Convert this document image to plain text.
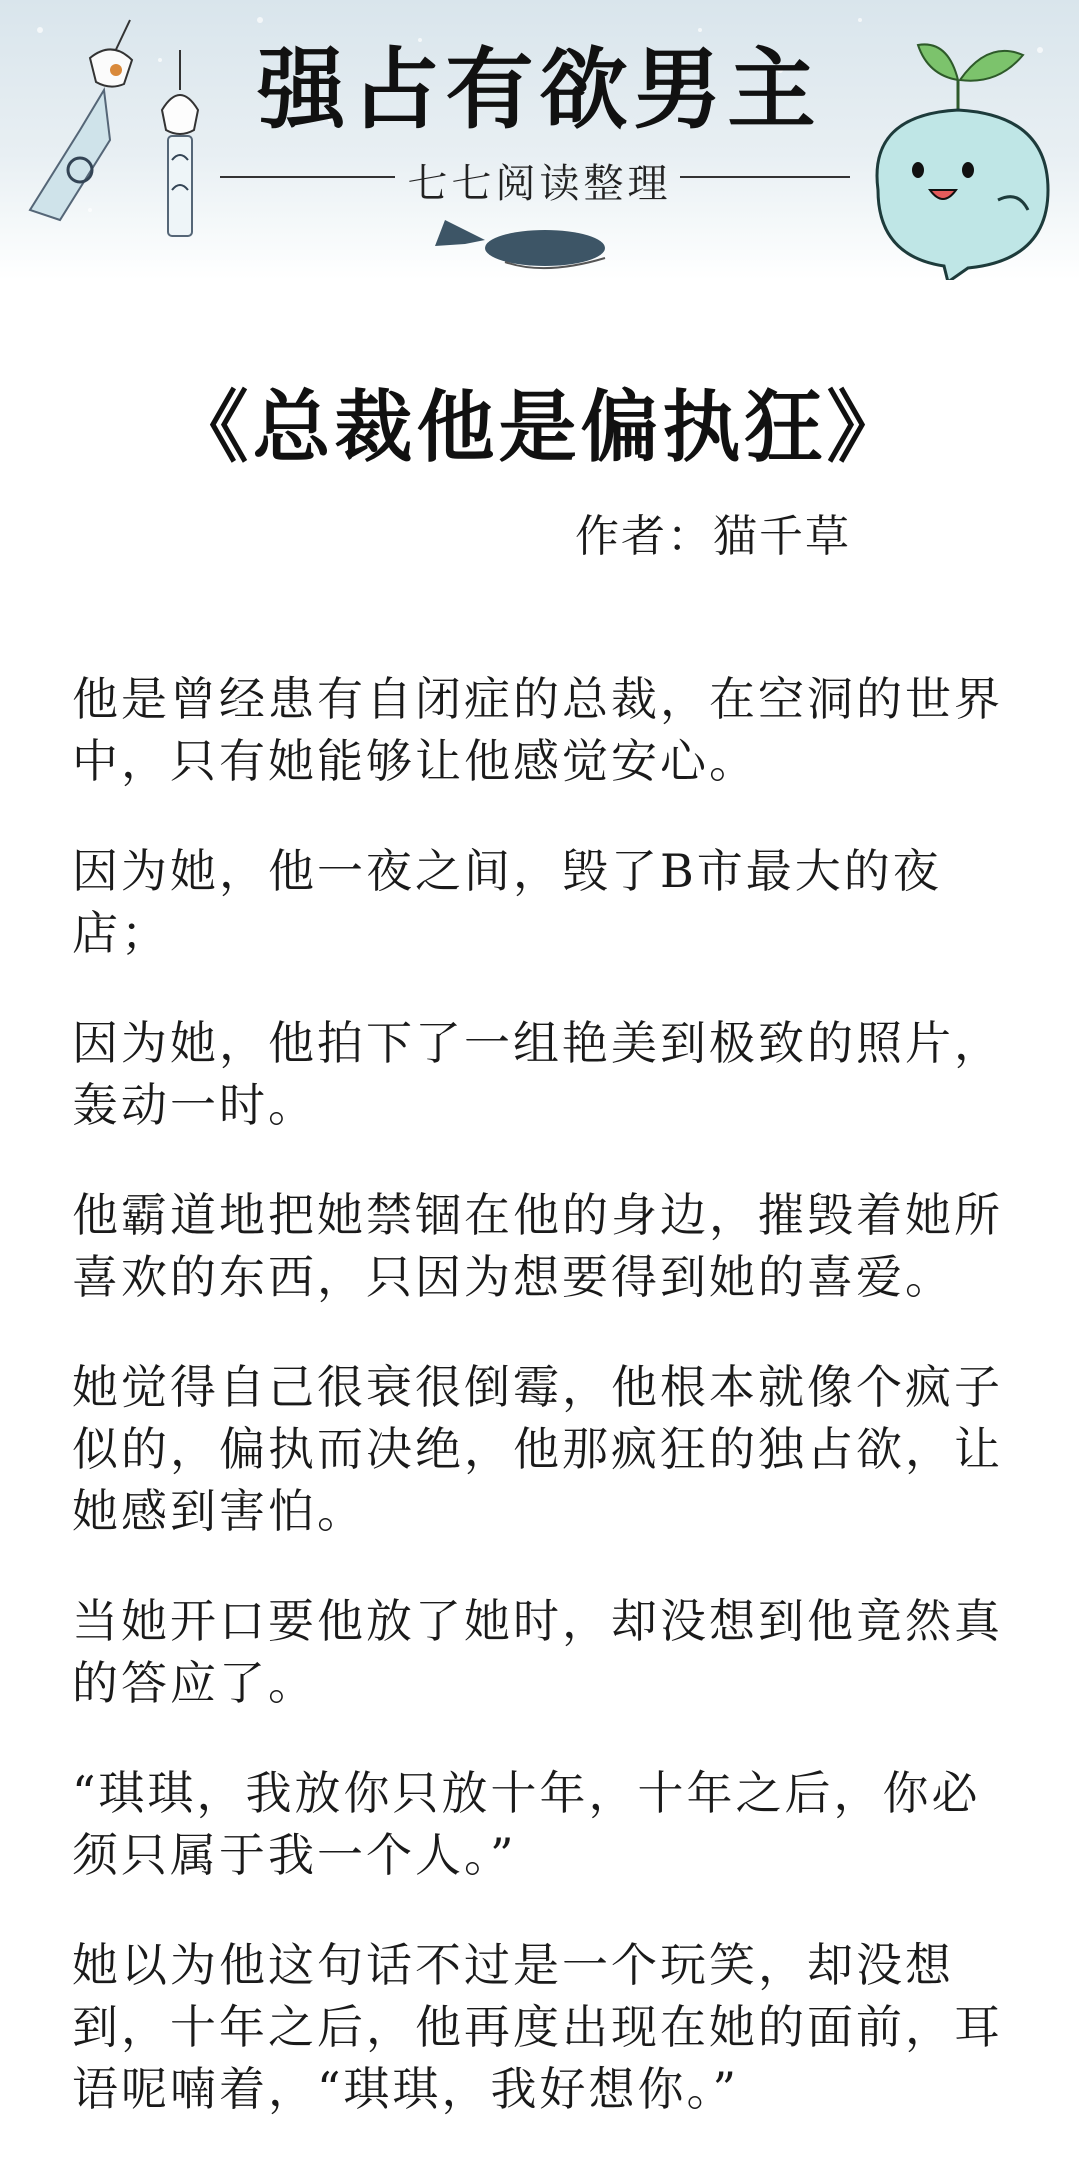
强占有欲男主
七七阅读整理
《总裁他是偏执狂》
作者：猫千草

他是曾经患有自闭症的总裁，在空洞的世界中，只有她能够让他感觉安心。

因为她，他一夜之间，毁了B市最大的夜店；

因为她，他拍下了一组艳美到极致的照片，轰动一时。

他霸道地把她禁锢在他的身边，摧毁着她所喜欢的东西，只因为想要得到她的喜爱。

她觉得自己很衰很倒霉，他根本就像个疯子似的，偏执而决绝，他那疯狂的独占欲，让她感到害怕。

当她开口要他放了她时，却没想到他竟然真的答应了。

“琪琪，我放你只放十年，十年之后，你必须只属于我一个人。”

她以为他这句话不过是一个玩笑，却没想到，十年之后，他再度出现在她的面前，耳语呢喃着，“琪琪，我好想你。”
